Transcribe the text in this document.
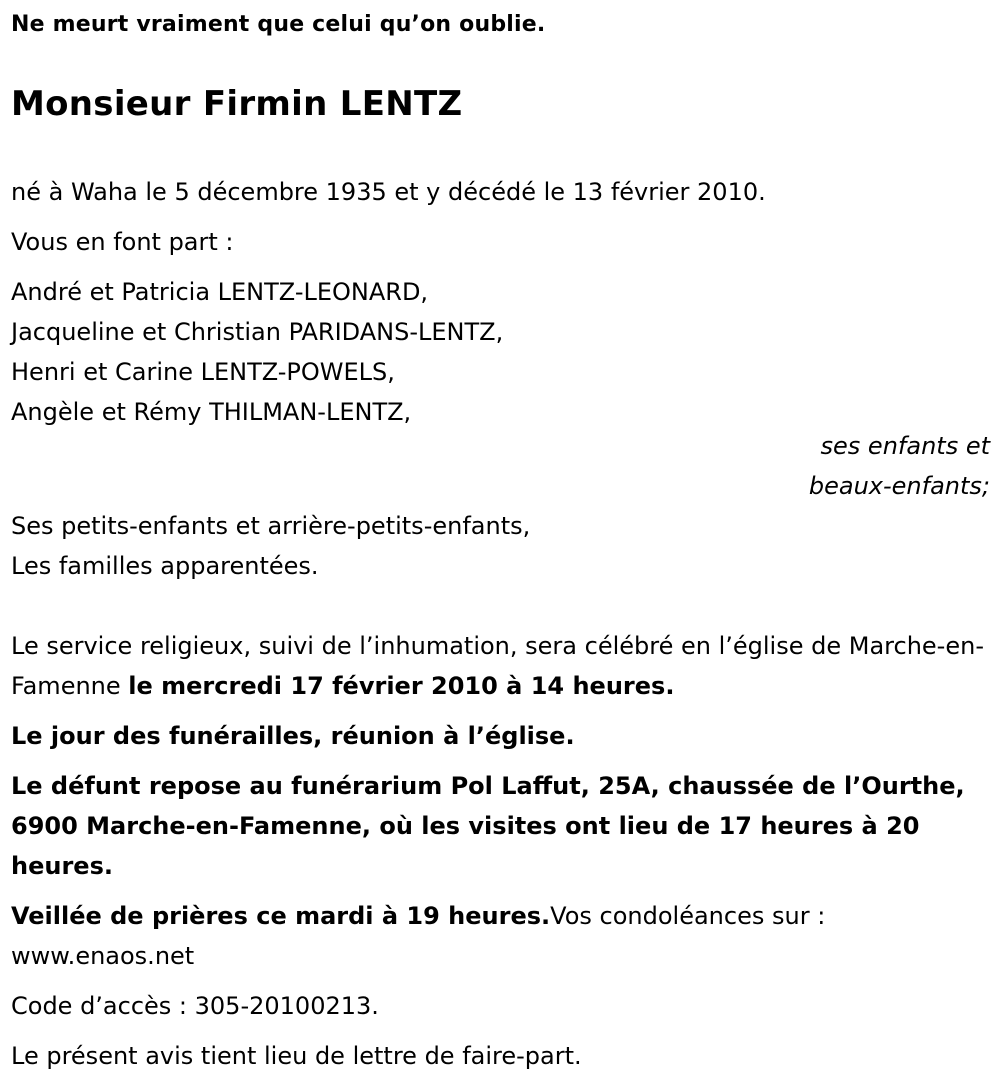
Ne meurt vraiment que celui qu’on oublie.

Monsieur Firmin LENTZ

né à Waha le 5 décembre 1935 et y décédé le 13 février 2010.

Vous en font part :

André et Patricia LENTZ-LEONARD,

Jacqueline et Christian PARIDANS-LENTZ,

Henri et Carine LENTZ-POWELS,

Angèle et Rémy THILMAN-LENTZ,

ses enfants et
beaux-enfants;

Ses petits-enfants et arrière-petits-enfants,

Les familles apparentées.

Le service religieux, suivi de l’inhumation, sera célébré en l’église de Marche-en-Famenne le mercredi 17 février 2010 à 14 heures.

Le jour des funérailles, réunion à l’église.

Le défunt repose au funérarium Pol Laffut, 25A, chaussée de l’Ourthe, 6900 Marche-en-Famenne, où les visites ont lieu de 17 heures à 20 heures.

Veillée de prières ce mardi à 19 heures.Vos condoléances sur : www.enaos.net

Code d’accès : 305-20100213.

Le présent avis tient lieu de lettre de faire-part.
